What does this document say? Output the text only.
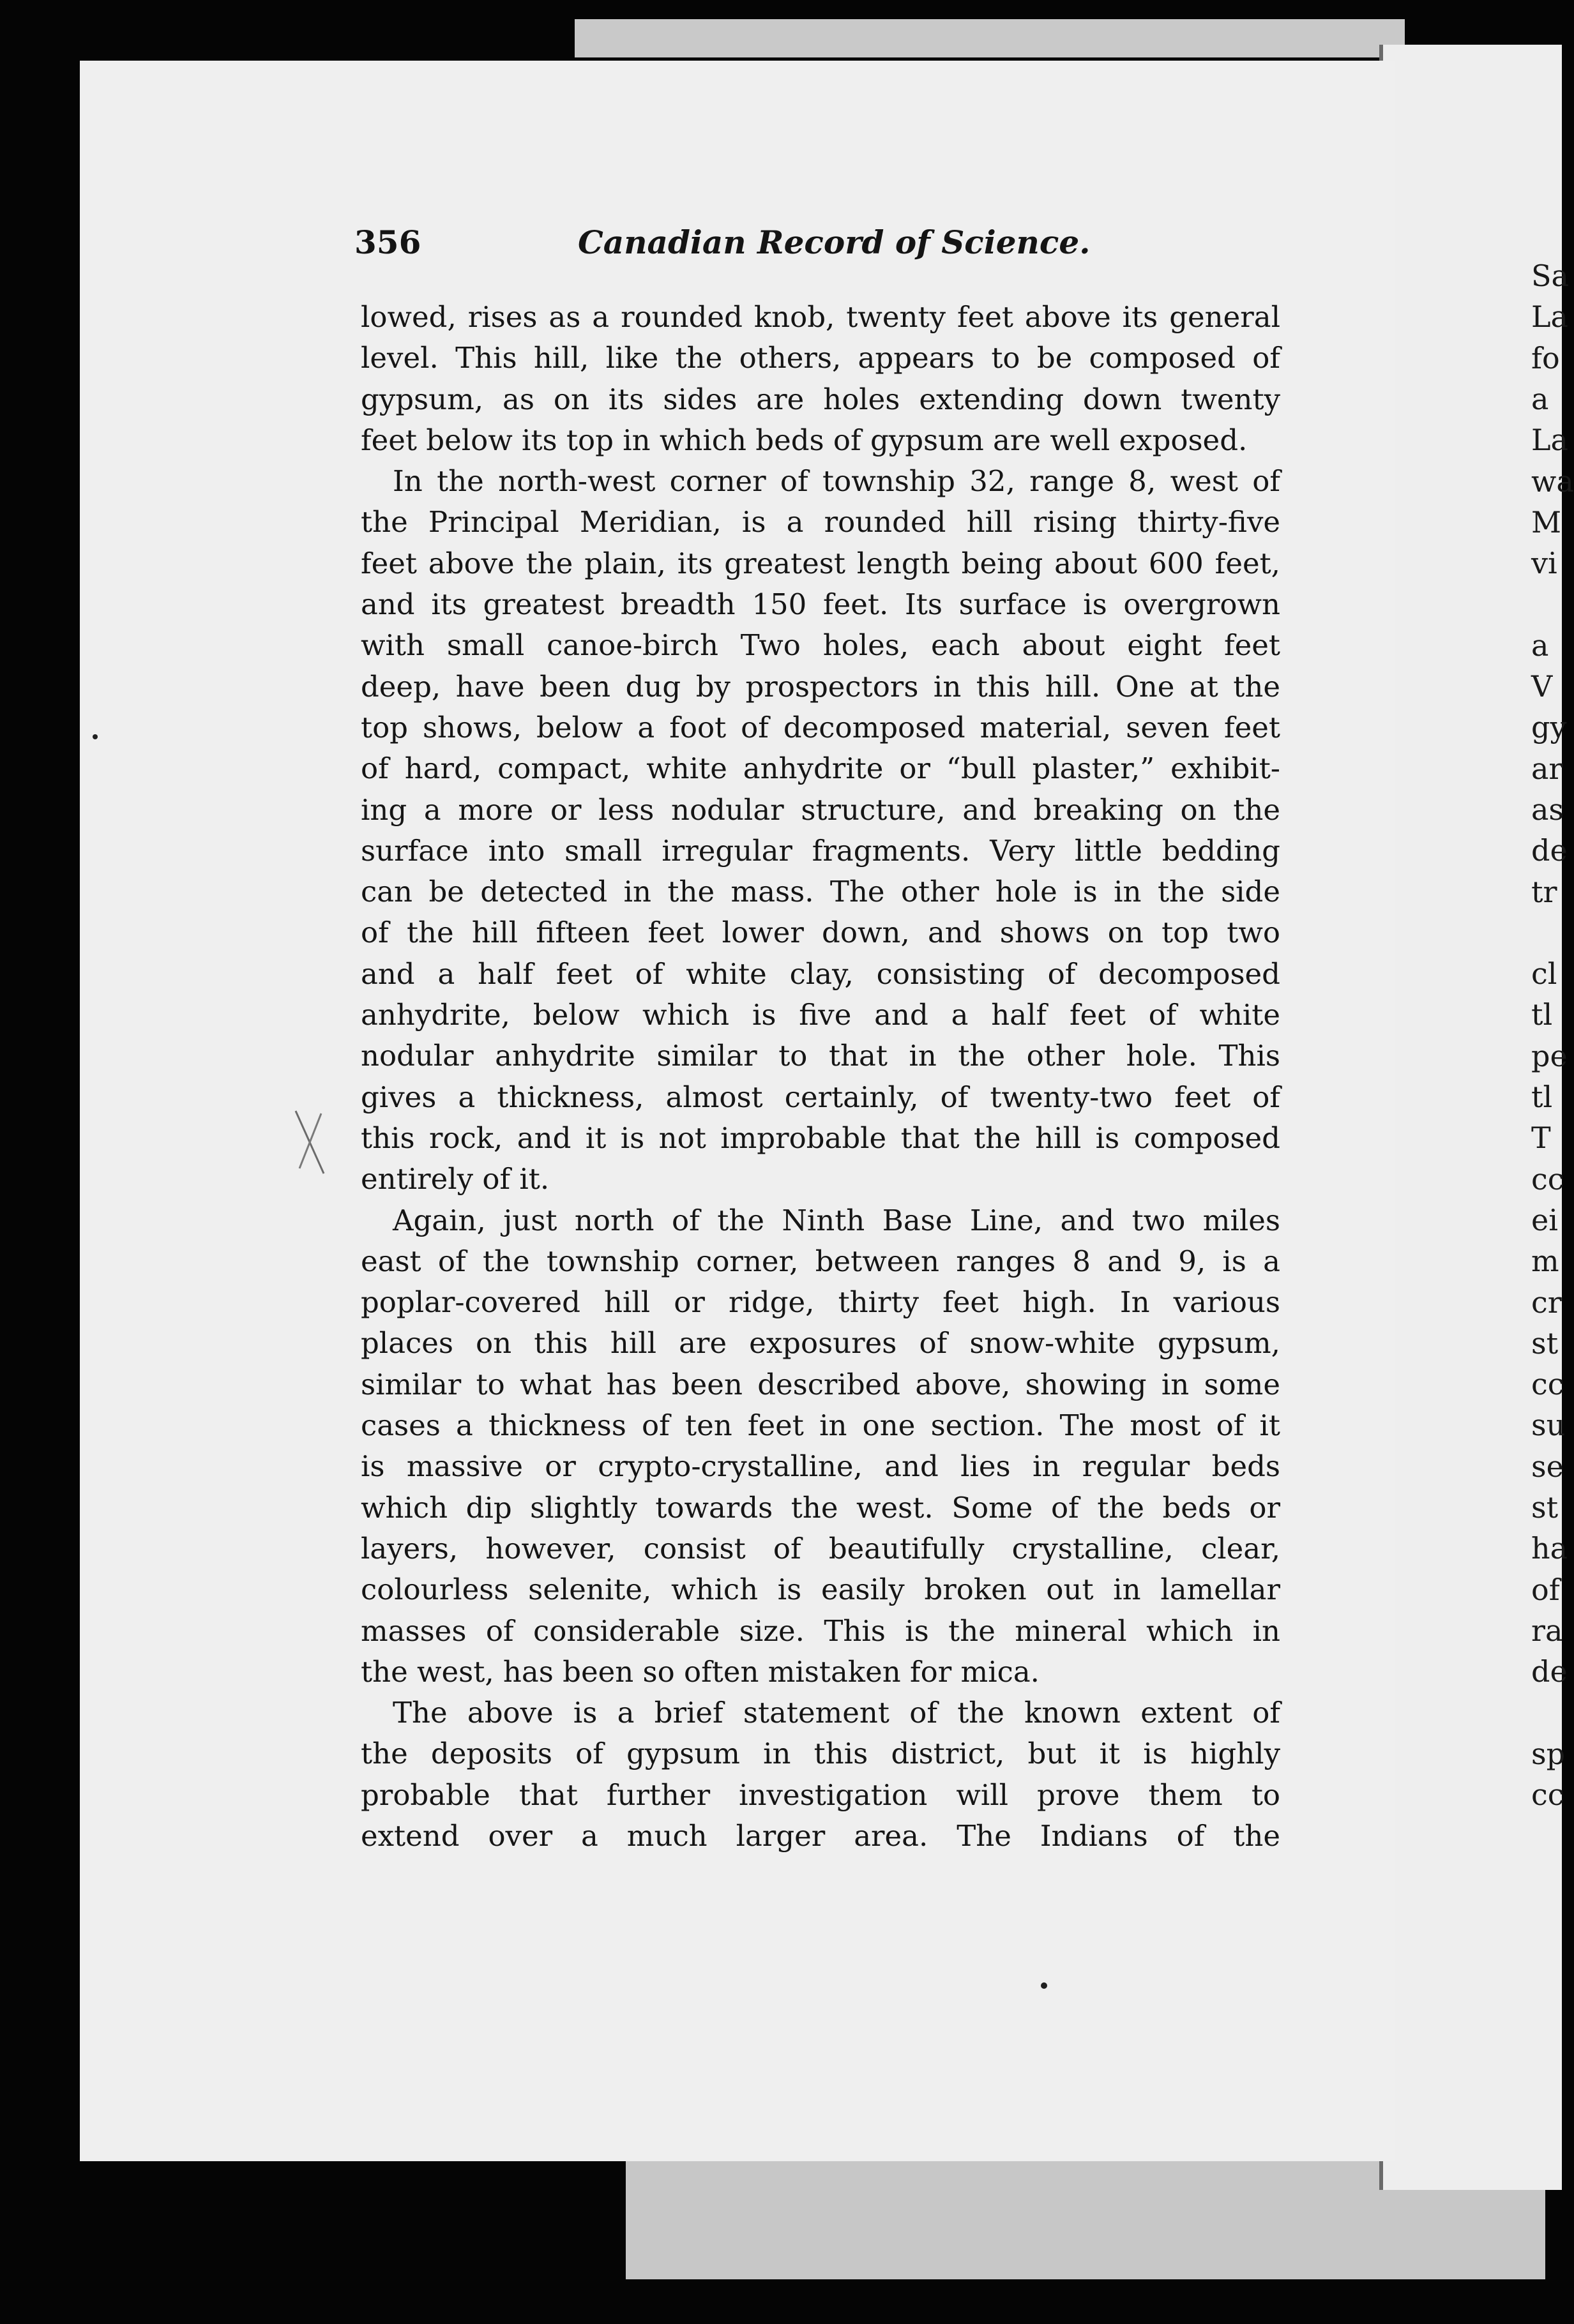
Sa
La
fo
a
La
wa
M
vi
a
V
gy
ar
as
de
tr
cl
tl
pe
tl
T
cc
ei
m
cr
st
cc
su
se
st
ha
of
ra
de
sp
cc
356	Canadian Record of Science.
lowed, rises as a rounded knob, twenty feet above its general
level. This hill, like the others, appears to be composed of
gypsum, as on its sides are holes extending down twenty
feet below its top in which beds of gypsum are well exposed.
In the north-west corner of township 32, range 8, west of
the Principal Meridian, is a rounded hill rising thirty-five
feet above the plain, its greatest length being about 600 feet,
and its greatest breadth 150 feet. Its surface is overgrown
with small canoe-birch Two holes, each about eight feet
deep, have been dug by prospectors in this hill. One at the
top shows, below a foot of decomposed material, seven feet
of hard, compact, white anhydrite or “bull plaster,” exhibit-
ing a more or less nodular structure, and breaking on the
surface into small irregular fragments. Very little bedding
can be detected in the mass. The other hole is in the side
of the hill fifteen feet lower down, and shows on top two
and a half feet of white clay, consisting of decomposed
anhydrite, below which is five and a half feet of white
nodular anhydrite similar to that in the other hole. This
gives a thickness, almost certainly, of twenty-two feet of
this rock, and it is not improbable that the hill is composed
entirely of it.
Again, just north of the Ninth Base Line, and two miles
east of the township corner, between ranges 8 and 9, is a
poplar-covered hill or ridge, thirty feet high. In various
places on this hill are exposures of snow-white gypsum,
similar to what has been described above, showing in some
cases a thickness of ten feet in one section. The most of it
is massive or crypto-crystalline, and lies in regular beds
which dip slightly towards the west. Some of the beds or
layers, however, consist of beautifully crystalline, clear,
colourless selenite, which is easily broken out in lamellar
masses of considerable size. This is the mineral which in
the west, has been so often mistaken for mica.
The above is a brief statement of the known extent of
the deposits of gypsum in this district, but it is highly
probable that further investigation will prove them to
extend over a much larger area. The Indians of the
